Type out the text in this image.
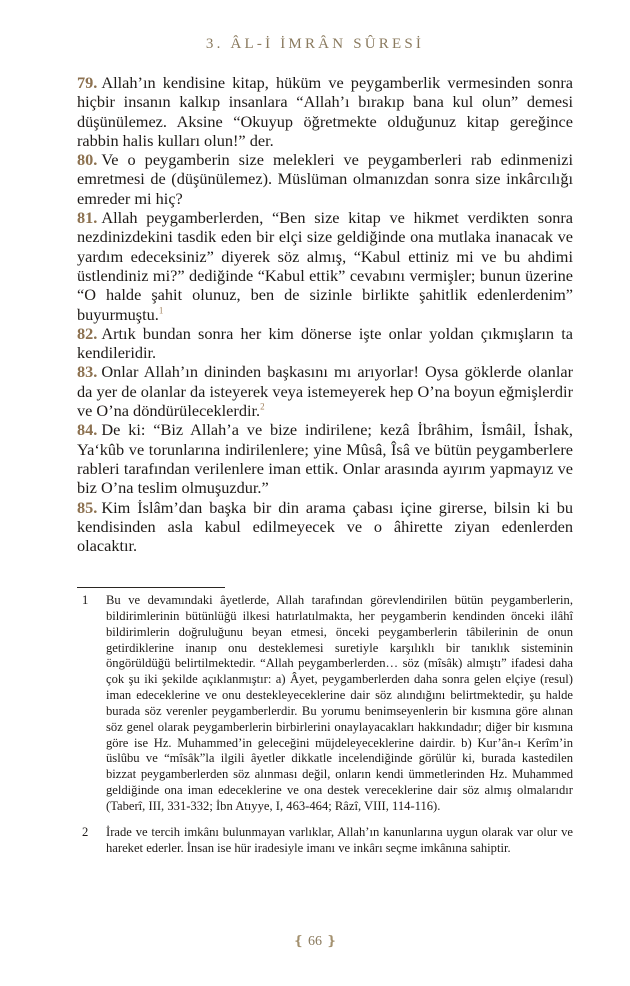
3. ÂL-İ İMRÂN SÛRESİ

79. Allah’ın kendisine kitap, hüküm ve peygamberlik vermesinden sonra hiçbir insanın kalkıp insanlara “Allah’ı bırakıp bana kul olun” demesi düşünülemez. Aksine “Okuyup öğretmekte olduğunuz kitap gereğince rabbin halis kulları olun!” der.

80. Ve o peygamberin size melekleri ve peygamberleri rab edinmenizi emretmesi de (düşünülemez). Müslüman olmanızdan sonra size inkârcılığı emreder mi hiç?

81. Allah peygamberlerden, “Ben size kitap ve hikmet verdikten sonra nezdinizdekini tasdik eden bir elçi size geldiğinde ona mutlaka inanacak ve yardım edeceksiniz” diyerek söz almış, “Kabul ettiniz mi ve bu ahdimi üstlendiniz mi?” dediğinde “Kabul ettik” cevabını vermişler; bunun üzerine “O halde şahit olunuz, ben de sizinle birlikte şahitlik edenlerdenim” buyurmuştu.$^1$

82. Artık bundan sonra her kim dönerse işte onlar yoldan çıkmışların ta kendileridir.

83. Onlar Allah’ın dininden başkasını mı arıyorlar! Oysa göklerde olanlar da yer de olanlar da isteyerek veya istemeyerek hep O’na boyun eğmişlerdir ve O’na döndürüleceklerdir.$^2$

84. De ki: “Biz Allah’a ve bize indirilene; kezâ İbrâhim, İsmâil, İshak, Ya‘kûb ve torunlarına indirilenlere; yine Mûsâ, Îsâ ve bütün peygamberlere rableri tarafından verilenlere iman ettik. Onlar arasında ayırım yapmayız ve biz O’na teslim olmuşuzdur.”

85. Kim İslâm’dan başka bir din arama çabası içine girerse, bilsin ki bu kendisinden asla kabul edilmeyecek ve o âhirette ziyan edenlerden olacaktır.

1 Bu ve devamındaki âyetlerde, Allah tarafından görevlendirilen bütün peygamberlerin, bildirimlerinin bütünlüğü ilkesi hatırlatılmakta, her peygamberin kendinden önceki ilâhî bildirimlerin doğruluğunu beyan etmesi, önceki peygamberlerin tâbilerinin de onun getirdiklerine inanıp onu desteklemesi suretiyle karşılıklı bir tanıklık sisteminin öngörüldüğü belirtilmektedir. “Allah peygamberlerden… söz (mîsâk) almıştı” ifadesi daha çok şu iki şekilde açıklanmıştır: a) Âyet, peygamberlerden daha sonra gelen elçiye (resul) iman edeceklerine ve onu destekleyeceklerine dair söz alındığını belirtmektedir, şu halde burada söz verenler peygamberlerdir. Bu yorumu benimseyenlerin bir kısmına göre alınan söz genel olarak peygamberlerin birbirlerini onaylayacakları hakkındadır; diğer bir kısmına göre ise Hz. Muhammed’in geleceğini müjdeleyeceklerine dairdir. b) Kur’ân-ı Kerîm’in üslûbu ve “mîsâk”la ilgili âyetler dikkatle incelendiğinde görülür ki, burada kastedilen bizzat peygamberlerden söz alınması değil, onların kendi ümmetlerinden Hz. Muhammed geldiğinde ona iman edeceklerine ve ona destek vereceklerine dair söz almış olmalarıdır (Taberî, III, 331-332; İbn Atıyye, I, 463-464; Râzî, VIII, 114-116).

2 İrade ve tercih imkânı bulunmayan varlıklar, Allah’ın kanunlarına uygun olarak var olur ve hareket ederler. İnsan ise hür iradesiyle imanı ve inkârı seçme imkânına sahiptir.

❴ 66 ❵
